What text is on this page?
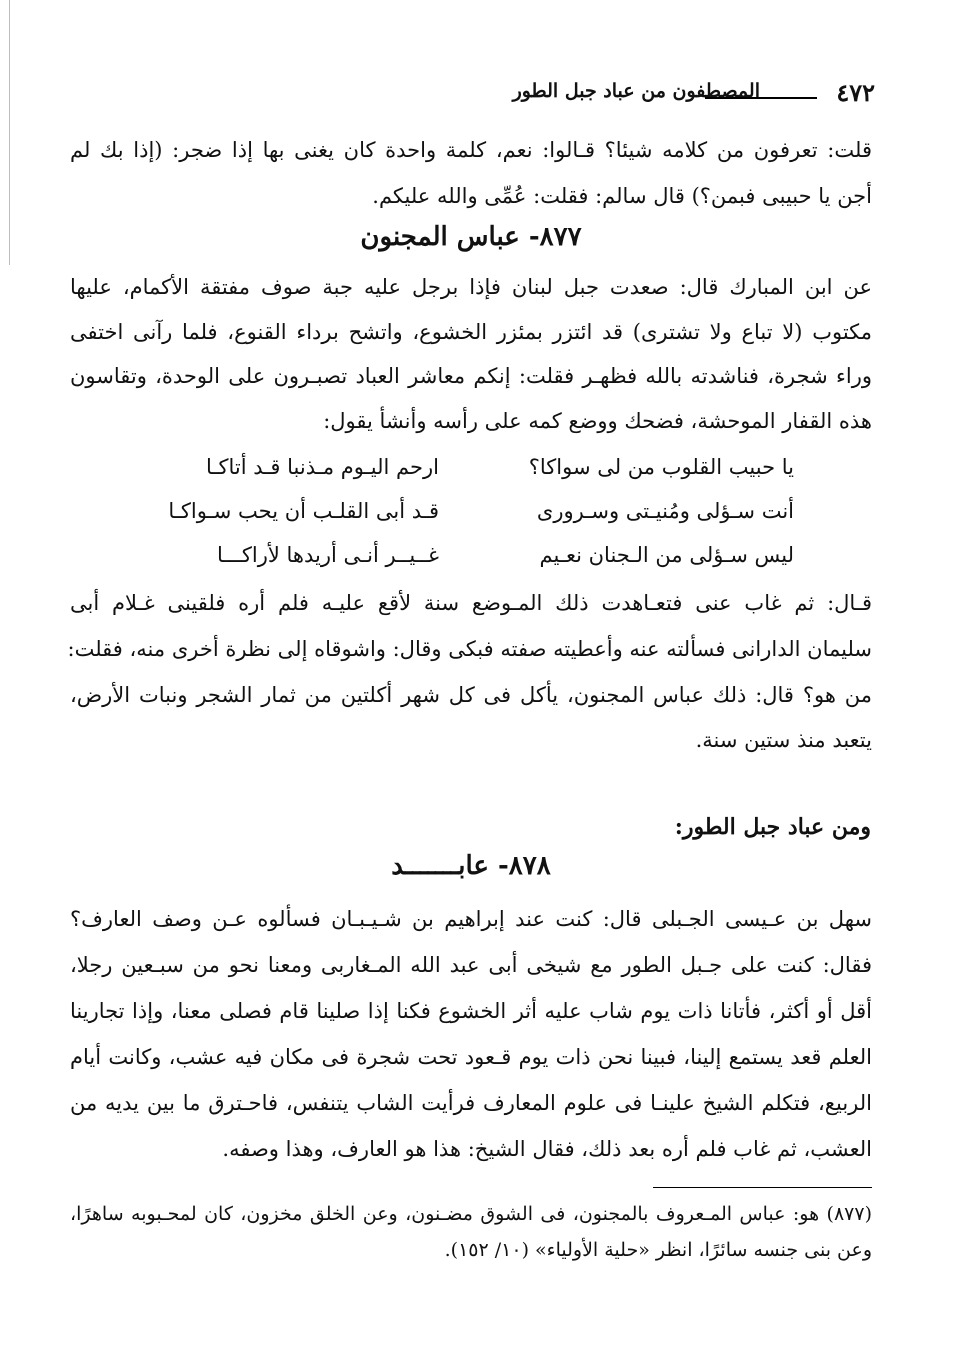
المصطفون من عباد جبل الطور	٤٧٢

قلت: تعرفون من كلامه شيئا؟ قـالوا: نعم، كلمة واحدة كان يغنى بها إذا ضجر: (إذا بك لم

أجن يا حبيبى فبمن؟) قال سالم: فقلت: عُمِّى والله عليكم.

٨٧٧- عباس المجنون

عن ابن المبارك قال: صعدت جبل لبنان فإذا برجل عليه جبة صوف مفتقة الأكمام، عليها

مكتوب (لا تباع ولا تشترى) قد ائتزر بمئزر الخشوع، واتشح برداء القنوع، فلما رآنى اختفى

وراء شجرة، فناشدته بالله فظهـر فقلت: إنكم معاشر العباد تصبـرون على الوحدة، وتقاسون

هذه القفار الموحشة، فضحك ووضع كمه على رأسه وأنشأ يقول:

يا حبيب القلوب من لى سواكا؟
ارحم اليـوم مـذنبا قـد أتاكـا
أنت سـؤلى ومُنيـتى وسـرورى
قـد أبى القلـب أن يحب سـواكـا
ليس سـؤلى من الـجنان نعـيم
غــيــر أنـى أريدها لأراكـــا

قـال: ثم غاب عنى فتعـاهدت ذلك المـوضع سنة لأقع عليـه فلم أره فلقينى غـلام أبى

سليمان الدارانى فسألته عنه وأعطيته صفته فبكى وقال: واشوقاه إلى نظرة أخرى منه، فقلت:

من هو؟ قال: ذلك عباس المجنون، يأكل فى كل شهر أكلتين من ثمار الشجر ونبات الأرض،

يتعبد منذ ستين سنة.

ومن عباد جبل الطور:
٨٧٨- عابـــــــد

سهل بن عـيسى الجـبلى قال: كنت عند إبراهيم بن شـيـبـان فسألوه عـن وصف العارف؟

فقال: كنت على جـبل الطور مع شيخى أبى عبد الله المـغاربى ومعنا نحو من سبـعين رجلا،

أقل أو أكثر، فأتانا ذات يوم شاب عليه أثر الخشوع فكنا إذا صلينا قام فصلى معنا، وإذا تجارينا

العلم قعد يستمع إلينا، فبينا نحن ذات يوم قـعود تحت شجرة فى مكان فيه عشب، وكانت أيام

الربيع، فتكلم الشيخ علينـا فى علوم المعارف فرأيت الشاب يتنفس، فاحـترق ما بين يديه من

العشب، ثم غاب فلم أره بعد ذلك، فقال الشيخ: هذا هو العارف، وهذا وصفه.

(٨٧٧) هو: عباس المـعروف بالمجنون، فى الشوق مضـنون، وعن الخلق مخزون، كان لمحـبوبه ساهرًا،

وعن بنى جنسه سائرًا، انظر «حلية الأولياء» (١٠/ ١٥٢).
